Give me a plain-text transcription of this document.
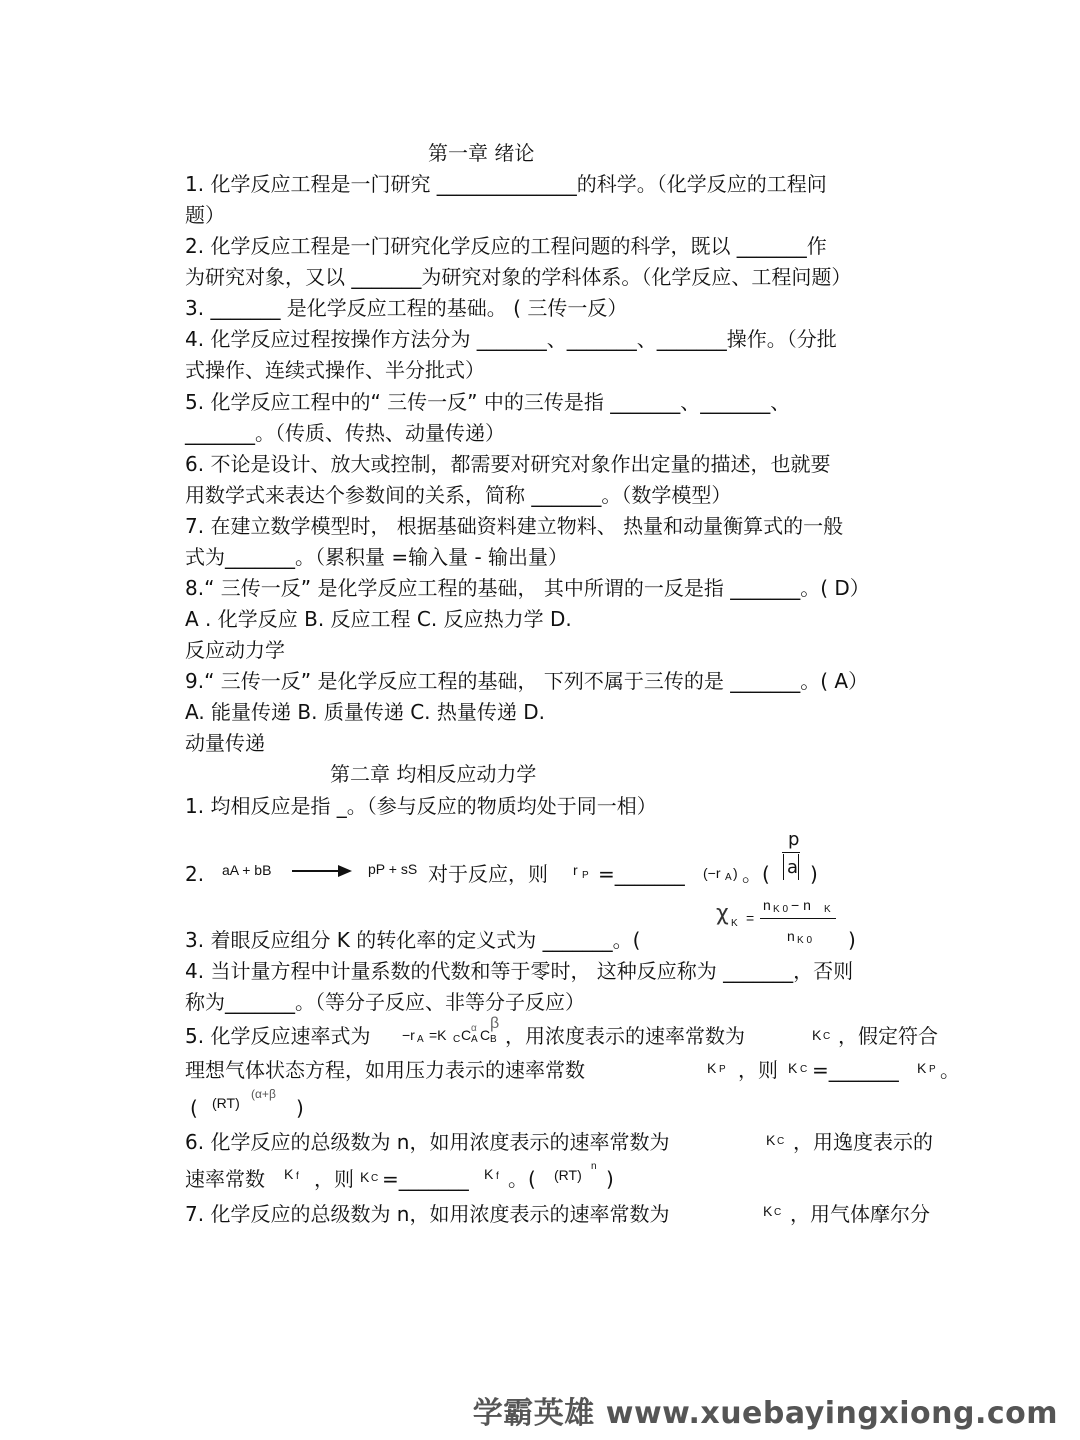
第一章 绪论
1. 化学反应工程是一门研究 ______________的科学。（化学反应的工程问
题）
2. 化学反应工程是一门研究化学反应的工程问题的科学，既以 _______作
为研究对象，又以 _______为研究对象的学科体系。（化学反应、工程问题）
3. _______ 是化学反应工程的基础。 ( 三传一反）
4. 化学反应过程按操作方法分为 _______、_______、_______操作。（分批
式操作、连续式操作、半分批式）
5. 化学反应工程中的“ 三传一反” 中的三传是指 _______、_______、
_______。（传质、传热、动量传递）
6. 不论是设计、放大或控制，都需要对研究对象作出定量的描述，也就要
用数学式来表达个参数间的关系，简称 _______。（数学模型）
7. 在建立数学模型时， 根据基础资料建立物料、 热量和动量衡算式的一般
式为_______。（累积量 =输入量 - 输出量）
8.“ 三传一反” 是化学反应工程的基础， 其中所谓的一反是指 _______。( D）
A . 化学反应 B. 反应工程 C. 反应热力学 D.
反应动力学
9.“ 三传一反” 是化学反应工程的基础， 下列不属于三传的是 _______。( A）
A. 能量传递 B. 质量传递 C. 热量传递 D.
动量传递
第二章 均相反应动力学
1. 均相反应是指 _。（参与反应的物质均处于同一相）
2. aA + bB	pP + sS 对于反应，则 r P =_______ (−r A ) 。(
p
a )
χ K =
n K 0 − n K
n K 0
3. 着眼反应组分 K 的转化率的定义式为 _______。(	)
4. 当计量方程中计量系数的代数和等于零时， 这种反应称为 _______，否则
称为_______。（等分子反应、非等分子反应）
5. 化学反应速率式为 −r A =K C C α
A C
β
B ，用浓度表示的速率常数为	K C ，假定符合
理想气体状态方程，如用压力表示的速率常数	K P ，则 K C =_______ K P 。
( (RT)
(α+β
)
6. 化学反应的总级数为 n，如用浓度表示的速率常数为	K C ，用逸度表示的
速率常数 K f ，则 K C =_______ K f 。( (RT)
n
)
7. 化学反应的总级数为 n，如用浓度表示的速率常数为	K C ，用气体摩尔分
学霸英雄 www.xuebayingxiong.com
